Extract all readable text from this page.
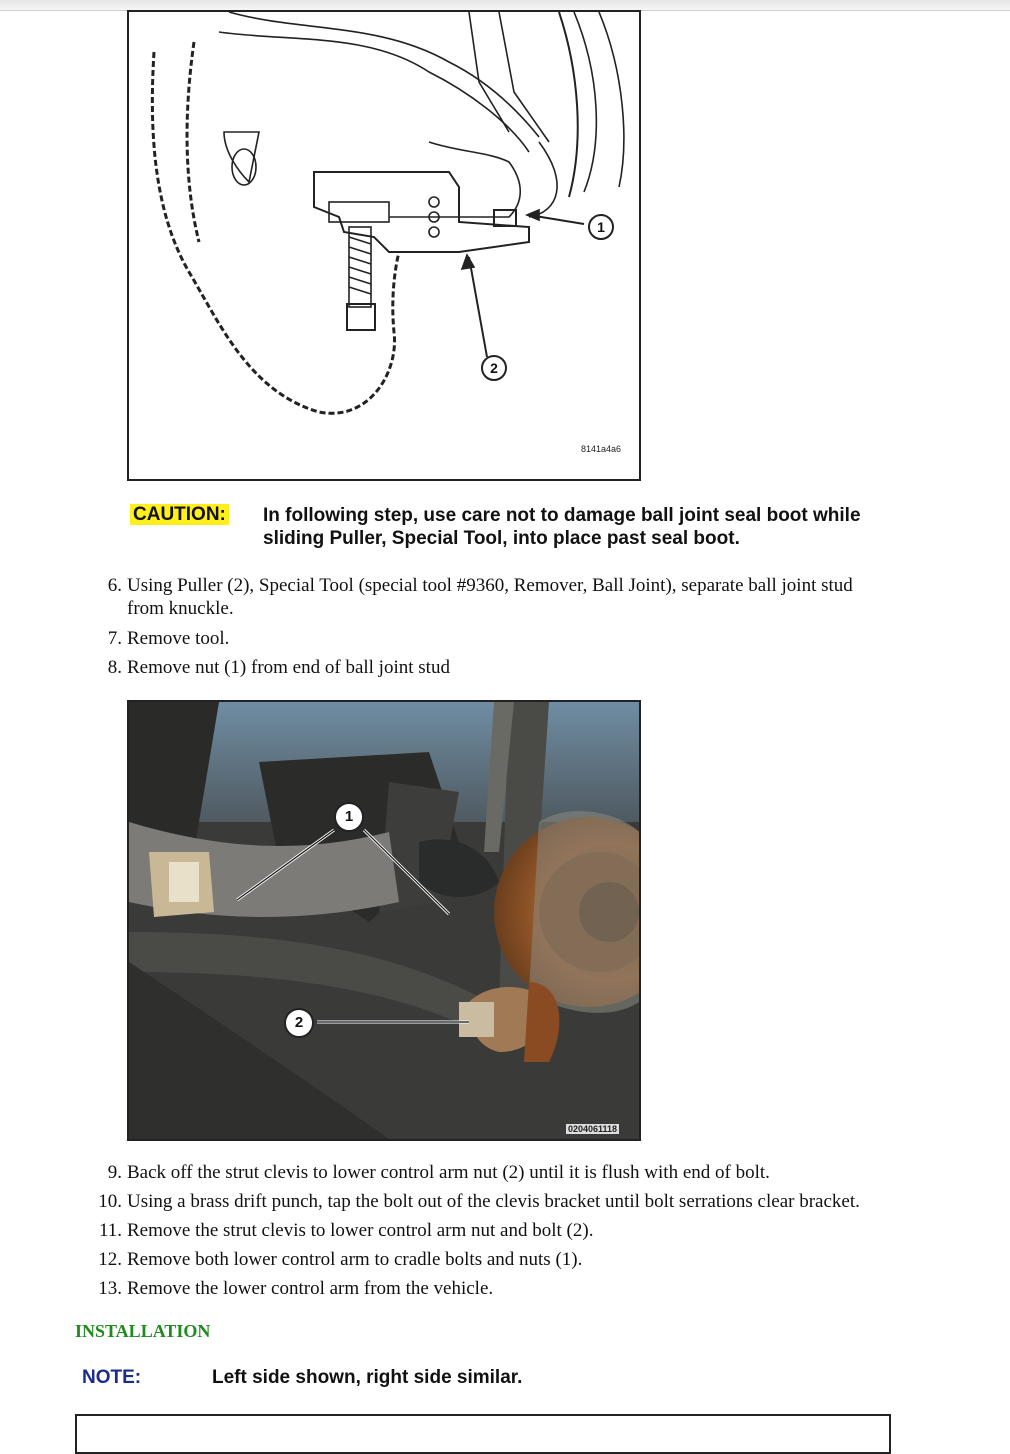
1
2
8141a4a6
CAUTION: In following step, use care not to damage ball joint seal boot while
sliding Puller, Special Tool, into place past seal boot.
6. Using Puller (2), Special Tool (special tool #9360, Remover, Ball Joint), separate ball joint stud
from knuckle.
7. Remove tool.
8. Remove nut (1) from end of ball joint stud
1
2
0204061118
9. Back off the strut clevis to lower control arm nut (2) until it is flush with end of bolt.
10. Using a brass drift punch, tap the bolt out of the clevis bracket until bolt serrations clear bracket.
11. Remove the strut clevis to lower control arm nut and bolt (2).
12. Remove both lower control arm to cradle bolts and nuts (1).
13. Remove the lower control arm from the vehicle.
INSTALLATION
NOTE:	Left side shown, right side similar.
